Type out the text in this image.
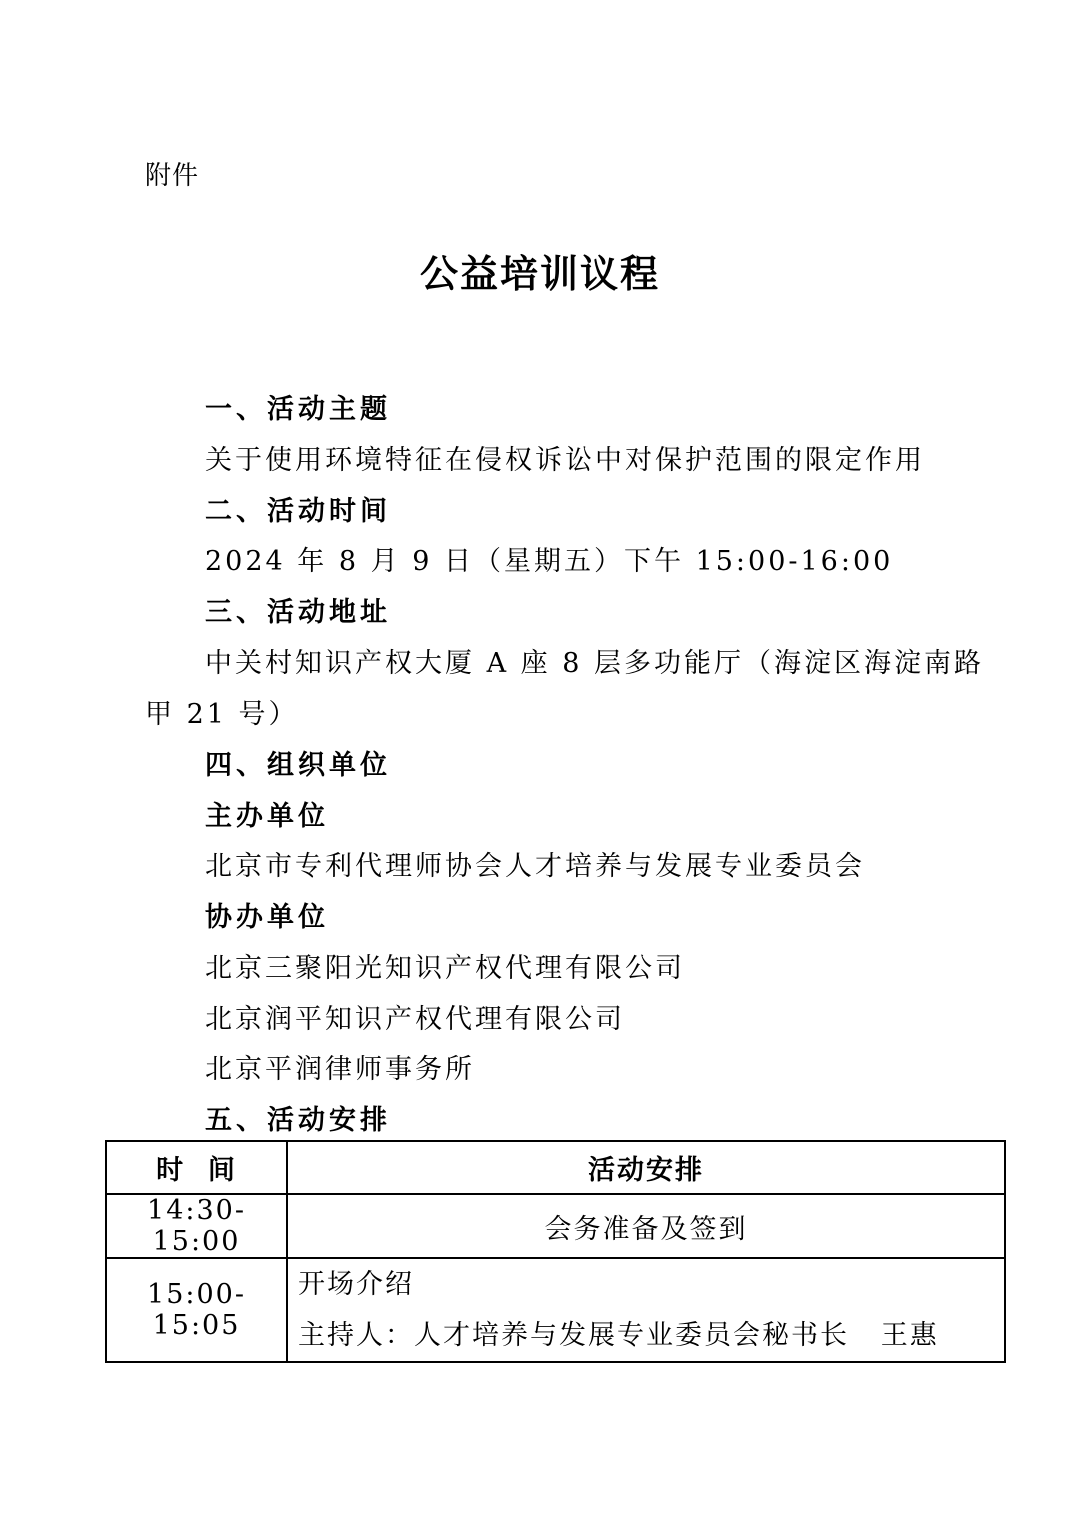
附件
公益培训议程
一、活动主题
关于使用环境特征在侵权诉讼中对保护范围的限定作用
二、活动时间
2024 年 8 月 9 日（星期五）下午 15:00-16:00
三、活动地址
中关村知识产权大厦 A 座 8 层多功能厅（海淀区海淀南路
甲 21 号）
四、组织单位
主办单位
北京市专利代理师协会人才培养与发展专业委员会
协办单位
北京三聚阳光知识产权代理有限公司
北京润平知识产权代理有限公司
北京平润律师事务所
五、活动安排
时  间	活动安排
14:30-15:00	会务准备及签到
15:00-15:05	开场介绍
主持人：人才培养与发展专业委员会秘书长   王惠
